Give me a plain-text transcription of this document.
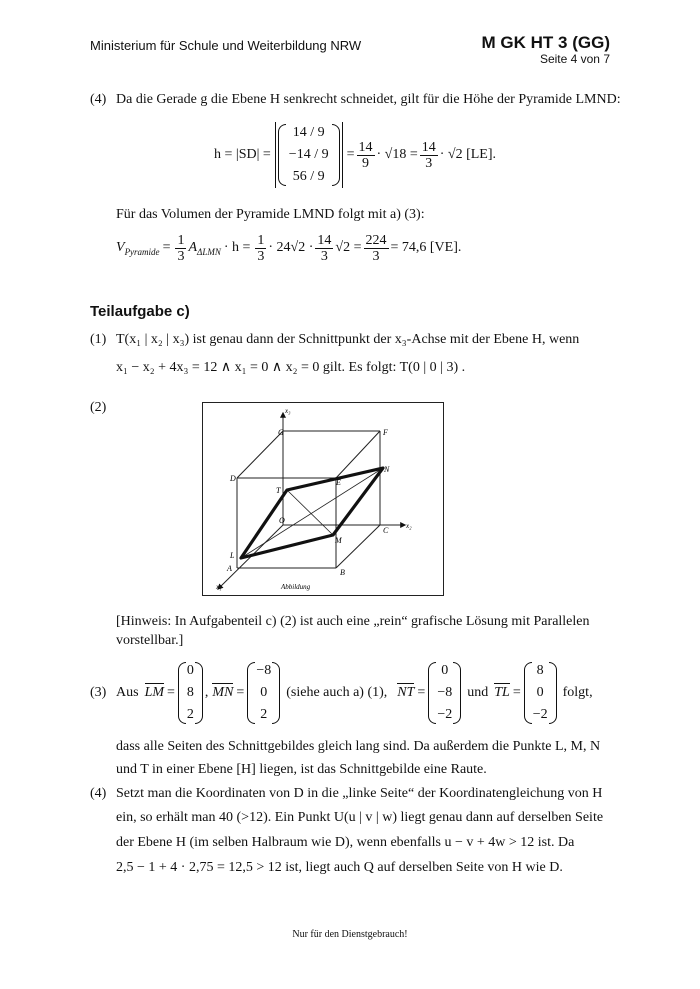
Ministerium für Schule und Weiterbildung NRW	M GK HT 3 (GG)
Seite 4 von 7
(4) Da die Gerade g die Ebene H senkrecht schneidet, gilt für die Höhe der Pyramide LMND:
h = |SD| =
14 / 9
−14 / 9
56 / 9
= $\frac{14}{9} \cdot √18 = \frac{14}{3} \cdot √2$ [LE].
Für das Volumen der Pyramide LMND folgt mit a) (3):
$V_{Pyramide} = \frac{1}{3} A_{\Delta LMN} \cdot h = \frac{1}{3} \cdot 24√2 \cdot \frac{14}{3} √2 = \frac{224}{3} = 74,6$ [VE].
Teilaufgabe c)
(1) T(x₁ | x₂ | x₃) ist genau dann der Schnittpunkt der x₃-Achse mit der Ebene H, wenn
x₁ − x₂ + 4x₃ = 12 ∧ x₁ = 0 ∧ x₂ = 0 gilt. Es folgt: T(0 | 0 | 3) .
(2)	x₃
x₂
x₁
G	F
D	E
N
T
O
C
M
L
A	B
Abbildung
[Hinweis: In Aufgabenteil c) (2) ist auch eine „rein“ grafische Lösung mit Parallelen vorstellbar.]
(3) Aus LM =
0
8
2
, MN =
−8
0
2
(siehe auch a) (1), NT =
0
−8
−2
und TL =
8
0
−2
folgt,
dass alle Seiten des Schnittgebildes gleich lang sind. Da außerdem die Punkte L, M, N
und T in einer Ebene [H] liegen, ist das Schnittgebilde eine Raute.
(4) Setzt man die Koordinaten von D in die „linke Seite“ der Koordinatengleichung von H
ein, so erhält man 40 (>12). Ein Punkt U(u | v | w) liegt genau dann auf derselben Seite
der Ebene H (im selben Halbraum wie D), wenn ebenfalls u − v + 4w > 12 ist. Da
2,5 − 1 + 4 · 2,75 = 12,5 > 12 ist, liegt auch Q auf derselben Seite von H wie D.
Nur für den Dienstgebrauch!
